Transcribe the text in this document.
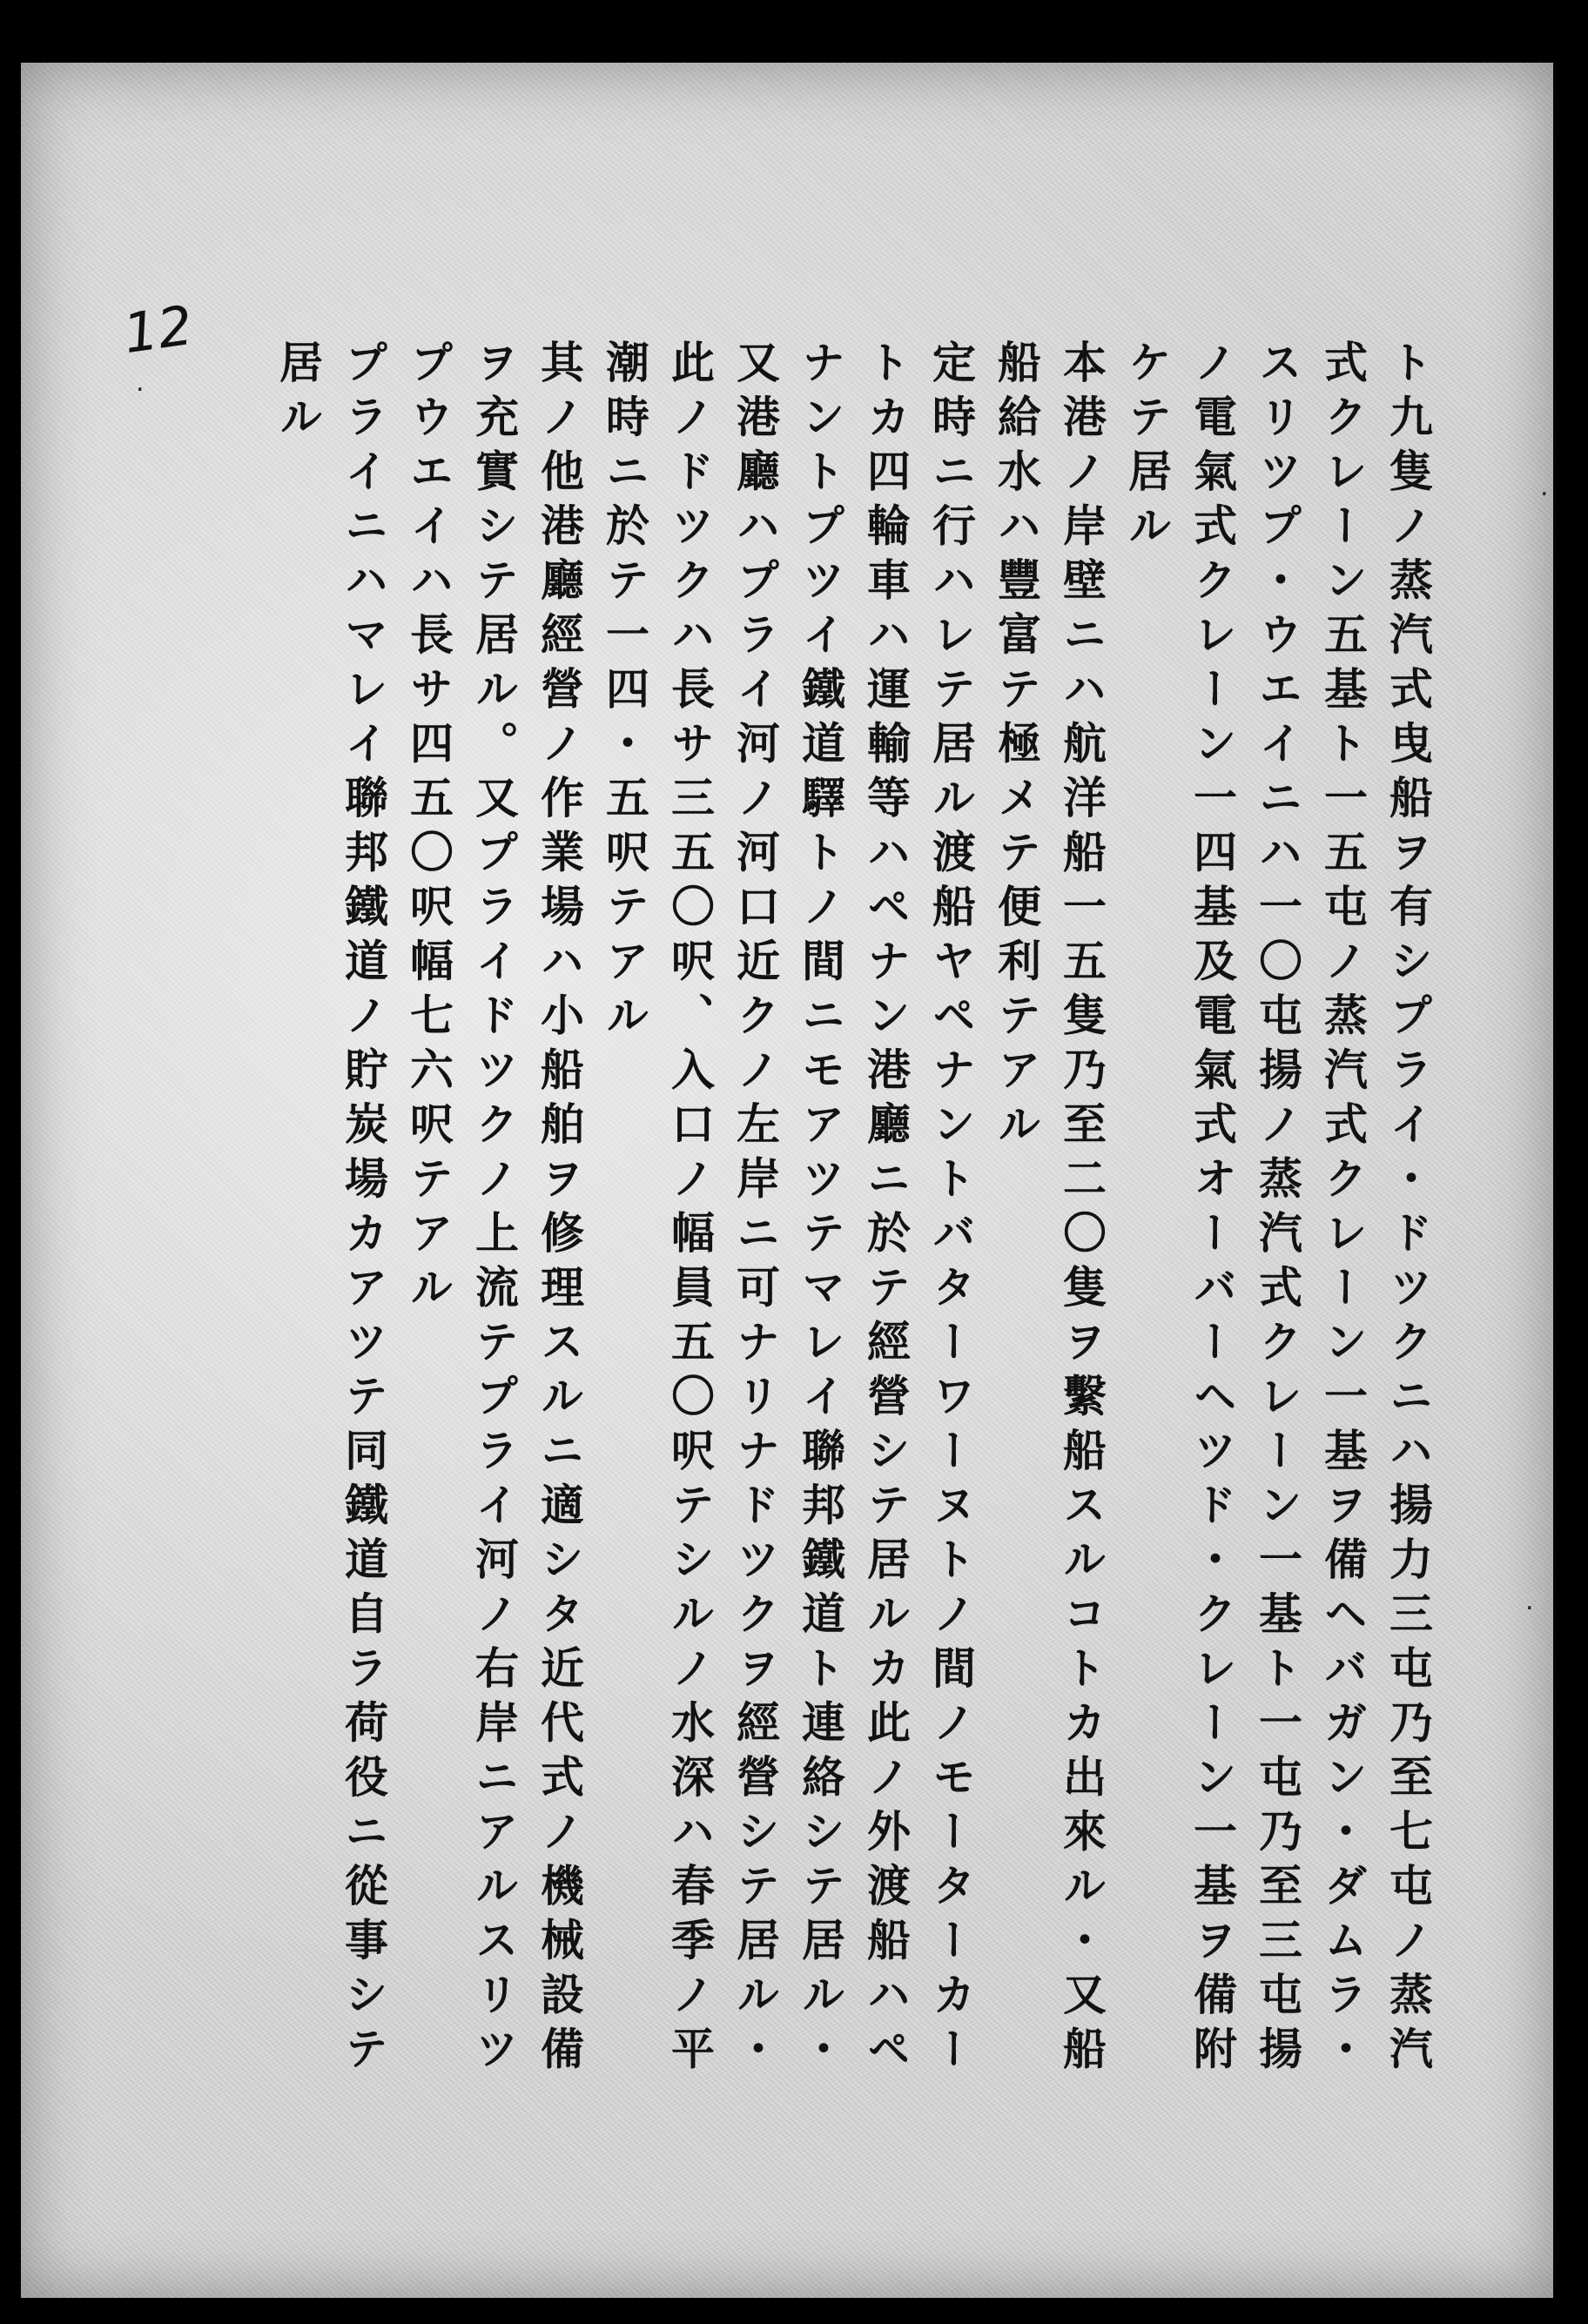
12
.
.
.
ト九隻ノ蒸汽式曳船ヲ有シプライ・ドツクニハ揚力三屯乃至七屯ノ蒸汽
式クレーン五基ト一五屯ノ蒸汽式クレーン一基ヲ備ヘバガン・ダムラ・
スリツプ・ウエイニハ一〇屯揚ノ蒸汽式クレーン一基ト一屯乃至三屯揚
ノ電氣式クレーン一四基及電氣式オーバーヘツド・クレーン一基ヲ備附
ケテ居ル
本港ノ岸壁ニハ航洋船一五隻乃至二〇隻ヲ繫船スルコトカ出來ル・又船
船給水ハ豐富テ極メテ便利テアル
定時ニ行ハレテ居ル渡船ヤペナントバターワーヌトノ間ノモーターカー
トカ四輪車ハ運輸等ハペナン港廳ニ於テ經營シテ居ルカ此ノ外渡船ハペ
ナントプツイ鐵道驛トノ間ニモアツテマレイ聯邦鐵道ト連絡シテ居ル・
又港廳ハプライ河ノ河口近クノ左岸ニ可ナリナドツクヲ經營シテ居ル・
此ノドツクハ長サ三五〇呎、入口ノ幅員五〇呎テシルノ水深ハ春季ノ平
潮時ニ於テ一四・五呎テアル
其ノ他港廳經營ノ作業場ハ小船舶ヲ修理スルニ適シタ近代式ノ機械設備
ヲ充實シテ居ル。又プライドツクノ上流テプライ河ノ右岸ニアルスリツ
プウエイハ長サ四五〇呎幅七六呎テアル
プライニハマレイ聯邦鐵道ノ貯炭場カアツテ同鐵道自ラ荷役ニ從事シテ
居ル
